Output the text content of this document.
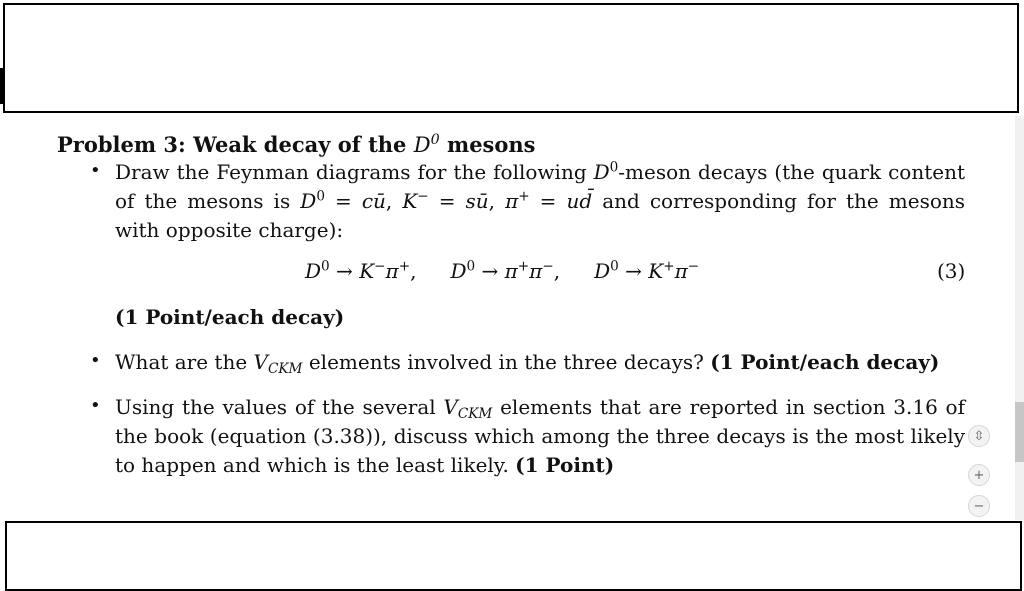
Problem 3: Weak decay of the $D^0$ mesons
• Draw the Feynman diagrams for the following $D^0$-meson decays (the quark content
of the mesons is $D^0$ = cū, K− = sū, π+ = ud̄ and corresponding for the mesons
with opposite charge):
$D^0 \to K^-\pi^+$, $D^0 \to \pi^+\pi^-$, $D^0 \to K^+\pi^-$	(3)
(1 Point/each decay)
• What are the $V_{CKM}$ elements involved in the three decays? (1 Point/each decay)
• Using the values of the several $V_{CKM}$ elements that are reported in section 3.16 of
the book (equation (3.38)), discuss which among the three decays is the most likely
to happen and which is the least likely. (1 Point)
⇳
+
−
